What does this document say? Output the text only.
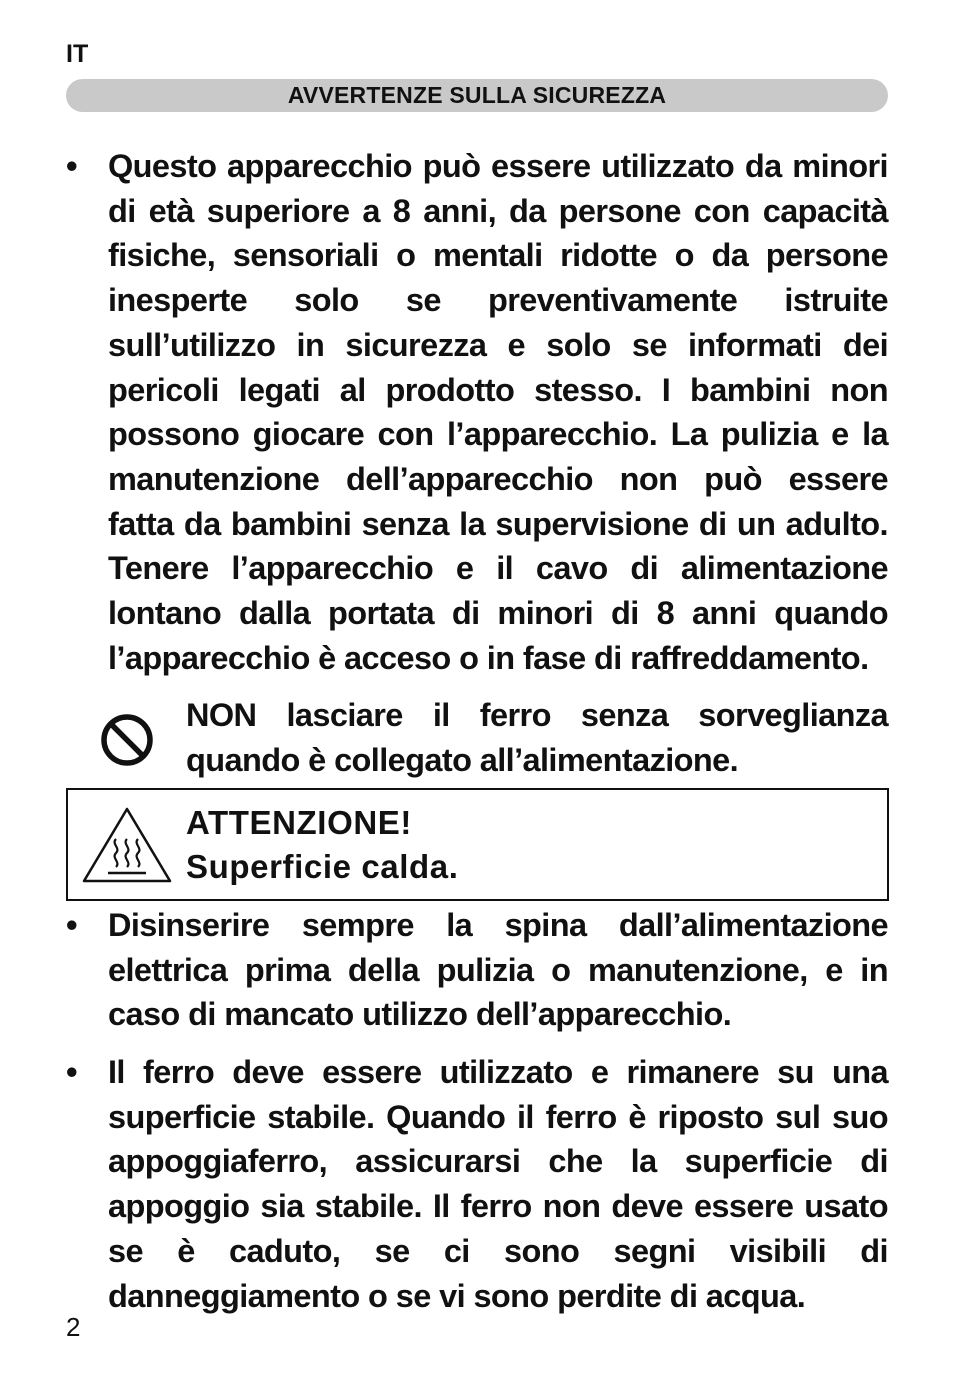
IT
AVVERTENZE SULLA SICUREZZA
• Questo apparecchio può essere utilizzato da minori di età superiore a 8 anni, da persone con capacità fisiche, sensoriali o mentali ridotte o da persone inesperte solo se preventivamente istruite sull’utilizzo in sicurezza e solo se informati dei pericoli legati al prodotto stesso. I bambini non possono giocare con l’apparecchio. La pulizia e la manutenzione dell’apparecchio non può essere fatta da bambini senza la supervisione di un adulto. Tenere l’apparecchio e il cavo di alimentazione lontano dalla portata di minori di 8 anni quando l’apparecchio è acceso o in fase di raffreddamento.

NON lasciare il ferro senza sorveglianza quando è collegato all’alimentazione.

ATTENZIONE!
Superficie calda.
• Disinserire sempre la spina dall’alimentazione elettrica prima della pulizia o manutenzione, e in caso di mancato utilizzo dell’apparecchio.

• Il ferro deve essere utilizzato e rimanere su una superficie stabile. Quando il ferro è riposto sul suo appoggiaferro, assicurarsi che la superficie di appoggio sia stabile. Il ferro non deve essere usato se è caduto, se ci sono segni visibili di danneggiamento o se vi sono perdite di acqua.

2
